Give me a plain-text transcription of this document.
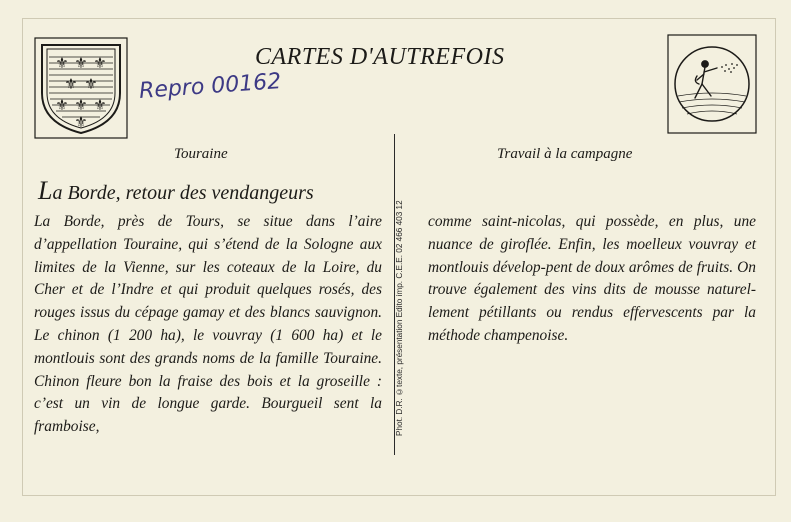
⚜ ⚜ ⚜
⚜ ⚜
⚜ ⚜ ⚜
⚜
CARTES D'AUTREFOIS
Repro 00162
Touraine	Travail à la campagne
La Borde, retour des vendangeurs
La Borde, près de Tours, se situe dans l’aire d’appellation Touraine, qui s’étend de la Sologne aux limites de la Vienne, sur les coteaux de la Loire, du Cher et de l’Indre et qui produit quelques rosés, des rouges issus du cépage gamay et des blancs sauvignon. Le chinon (1 200 ha), le vouvray (1 600 ha) et le montlouis sont des grands noms de la famille Touraine. Chinon fleure bon la fraise des bois et la groseille : c’est un vin de longue garde. Bourgueil sent la framboise,	Phot. D.R. ©texte, présentation Edito imp. C.E.E. 02 466 403 12 comme saint-nicolas, qui possède, en plus, une nuance de giroflée. Enfin, les moelleux vouvray et montlouis dévelop-pent de doux arômes de fruits. On trouve également des vins dits de mousse naturel-lement pétillants ou rendus effervescents par la méthode champenoise.
